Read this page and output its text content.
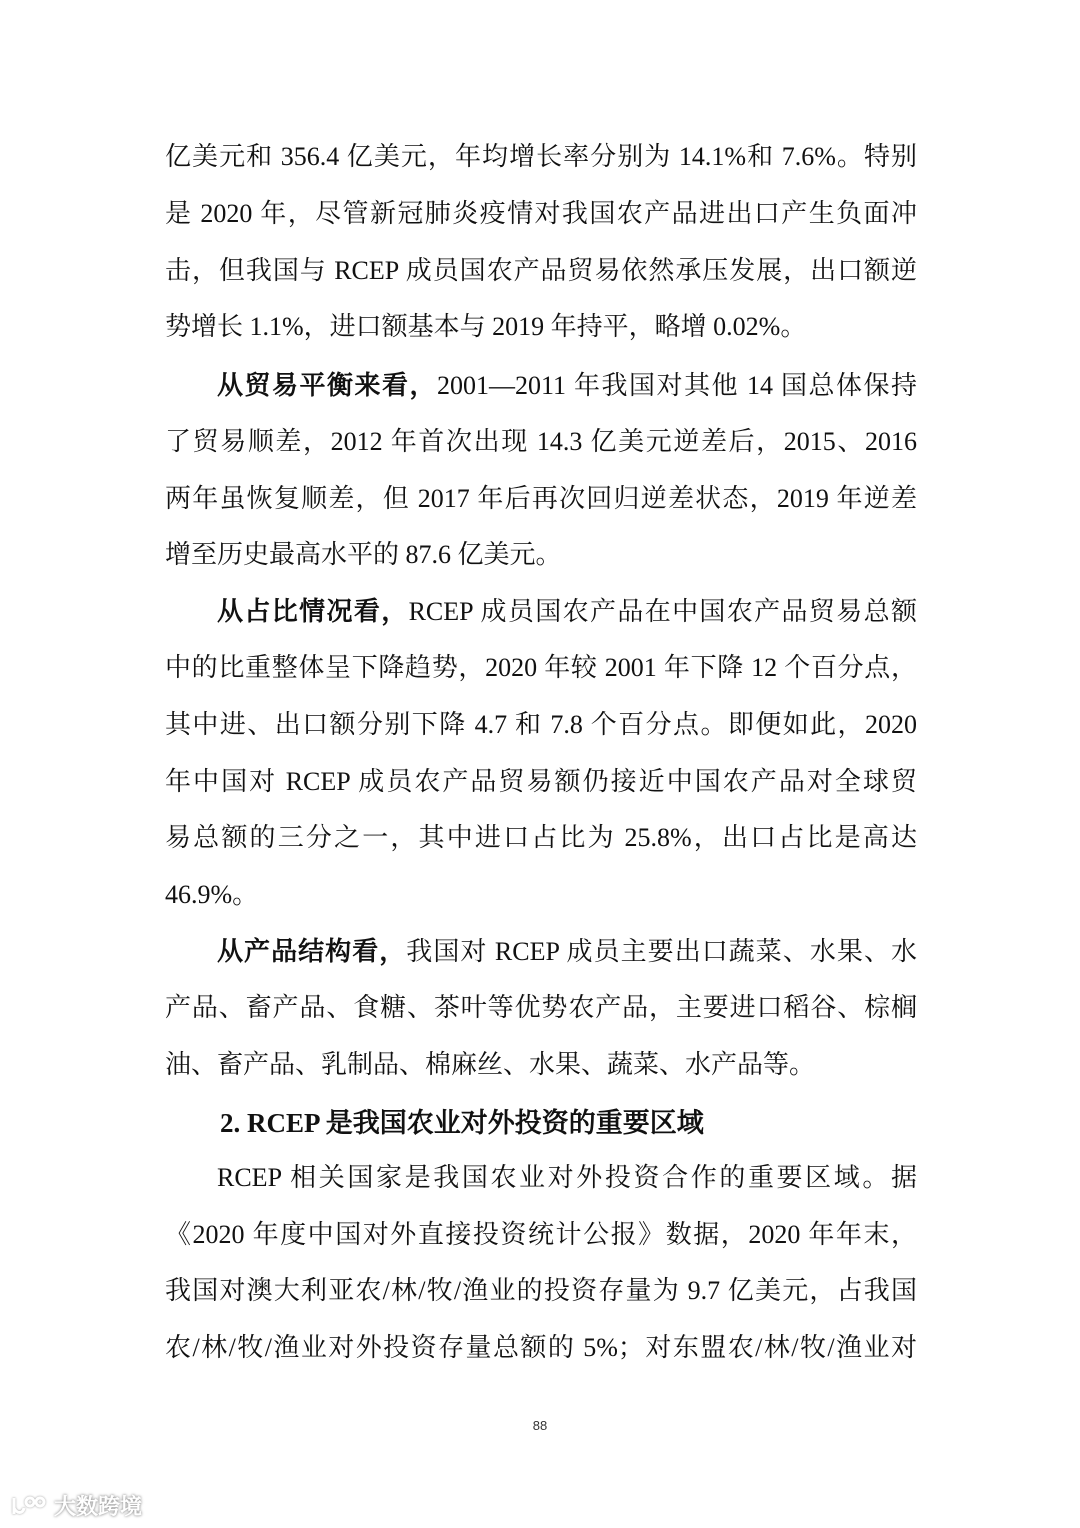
亿美元和 356.4 亿美元，年均增长率分别为 14.1%和 7.6%。特别
是 2020 年，尽管新冠肺炎疫情对我国农产品进出口产生负面冲
击，但我国与 RCEP 成员国农产品贸易依然承压发展，出口额逆
势增长 1.1%，进口额基本与 2019 年持平，略增 0.02%。
从贸易平衡来看，2001—2011 年我国对其他 14 国总体保持
了贸易顺差，2012 年首次出现 14.3 亿美元逆差后，2015、2016
两年虽恢复顺差，但 2017 年后再次回归逆差状态，2019 年逆差
增至历史最高水平的 87.6 亿美元。
从占比情况看，RCEP 成员国农产品在中国农产品贸易总额
中的比重整体呈下降趋势，2020 年较 2001 年下降 12 个百分点，
其中进、出口额分别下降 4.7 和 7.8 个百分点。即便如此，2020
年中国对 RCEP 成员农产品贸易额仍接近中国农产品对全球贸
易总额的三分之一，其中进口占比为 25.8%，出口占比是高达
46.9%。
从产品结构看，我国对 RCEP 成员主要出口蔬菜、水果、水
产品、畜产品、食糖、茶叶等优势农产品，主要进口稻谷、棕榈
油、畜产品、乳制品、棉麻丝、水果、蔬菜、水产品等。
2. RCEP 是我国农业对外投资的重要区域
RCEP 相关国家是我国农业对外投资合作的重要区域。据
《2020 年度中国对外直接投资统计公报》数据，2020 年年末，
我国对澳大利亚农/林/牧/渔业的投资存量为 9.7 亿美元，占我国
农/林/牧/渔业对外投资存量总额的 5%；对东盟农/林/牧/渔业对
88
大数跨境
